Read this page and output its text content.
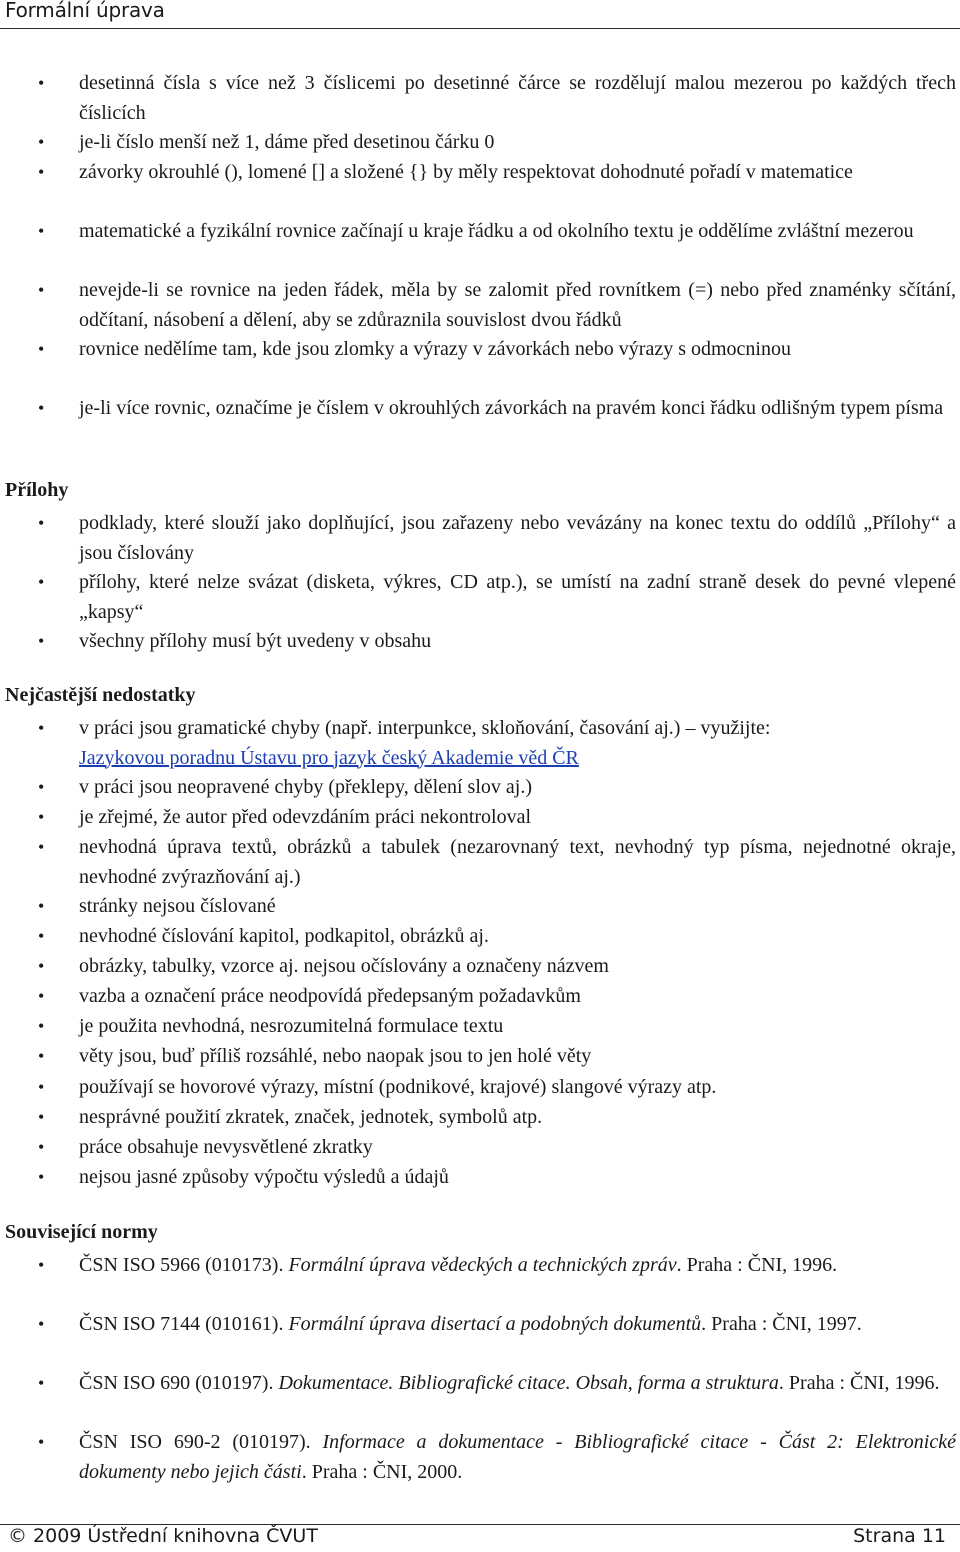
Formální úprava
• desetinná čísla s více než 3 číslicemi po desetinné čárce se rozdělují malou mezerou po každých třech číslicích
• je-li číslo menší než 1, dáme před desetinou čárku 0
• závorky okrouhlé (), lomené [] a složené {} by měly respektovat dohodnuté pořadí v matematice
• matematické a fyzikální rovnice začínají u kraje řádku a od okolního textu je oddělíme zvláštní mezerou
• nevejde-li se rovnice na jeden řádek, měla by se zalomit před rovnítkem (=) nebo před znaménky sčítání, odčítaní, násobení a dělení, aby se zdůraznila souvislost dvou řádků
• rovnice nedělíme tam, kde jsou zlomky a výrazy v závorkách nebo výrazy s odmocninou
• je-li více rovnic, označíme je číslem v okrouhlých závorkách na pravém konci řádku odlišným typem písma
Přílohy
• podklady, které slouží jako doplňující, jsou zařazeny nebo vevázány na konec textu do oddílů „Přílohy“ a jsou číslovány
• přílohy, které nelze svázat (disketa, výkres, CD atp.), se umístí na zadní straně desek do pevné vlepené „kapsy“
• všechny přílohy musí být uvedeny v obsahu
Nejčastější nedostatky
• v práci jsou gramatické chyby (např. interpunkce, skloňování, časování aj.) – využijte:
Jazykovou poradnu Ústavu pro jazyk český Akademie věd ČR
• v práci jsou neopravené chyby (překlepy, dělení slov aj.)
• je zřejmé, že autor před odevzdáním práci nekontroloval
• nevhodná úprava textů, obrázků a tabulek (nezarovnaný text, nevhodný typ písma, nejednotné okraje, nevhodné zvýrazňování aj.)
• stránky nejsou číslované
• nevhodné číslování kapitol, podkapitol, obrázků aj.
• obrázky, tabulky, vzorce aj. nejsou očíslovány a označeny názvem
• vazba a označení práce neodpovídá předepsaným požadavkům
• je použita nevhodná, nesrozumitelná formulace textu
• věty jsou, buď příliš rozsáhlé, nebo naopak jsou to jen holé věty
• používají se hovorové výrazy, místní (podnikové, krajové) slangové výrazy atp.
• nesprávné použití zkratek, značek, jednotek, symbolů atp.
• práce obsahuje nevysvětlené zkratky
• nejsou jasné způsoby výpočtu výsledů a údajů
Související normy
• ČSN ISO 5966 (010173). Formální úprava vědeckých a technických zpráv. Praha : ČNI, 1996.
• ČSN ISO 7144 (010161). Formální úprava disertací a podobných dokumentů. Praha : ČNI, 1997.
• ČSN ISO 690 (010197). Dokumentace. Bibliografické citace. Obsah, forma a struktura. Praha : ČNI, 1996.
• ČSN ISO 690-2 (010197). Informace a dokumentace - Bibliografické citace - Část 2: Elektronické dokumenty nebo jejich části. Praha : ČNI, 2000.
© 2009 Ústřední knihovna ČVUT	Strana 11
